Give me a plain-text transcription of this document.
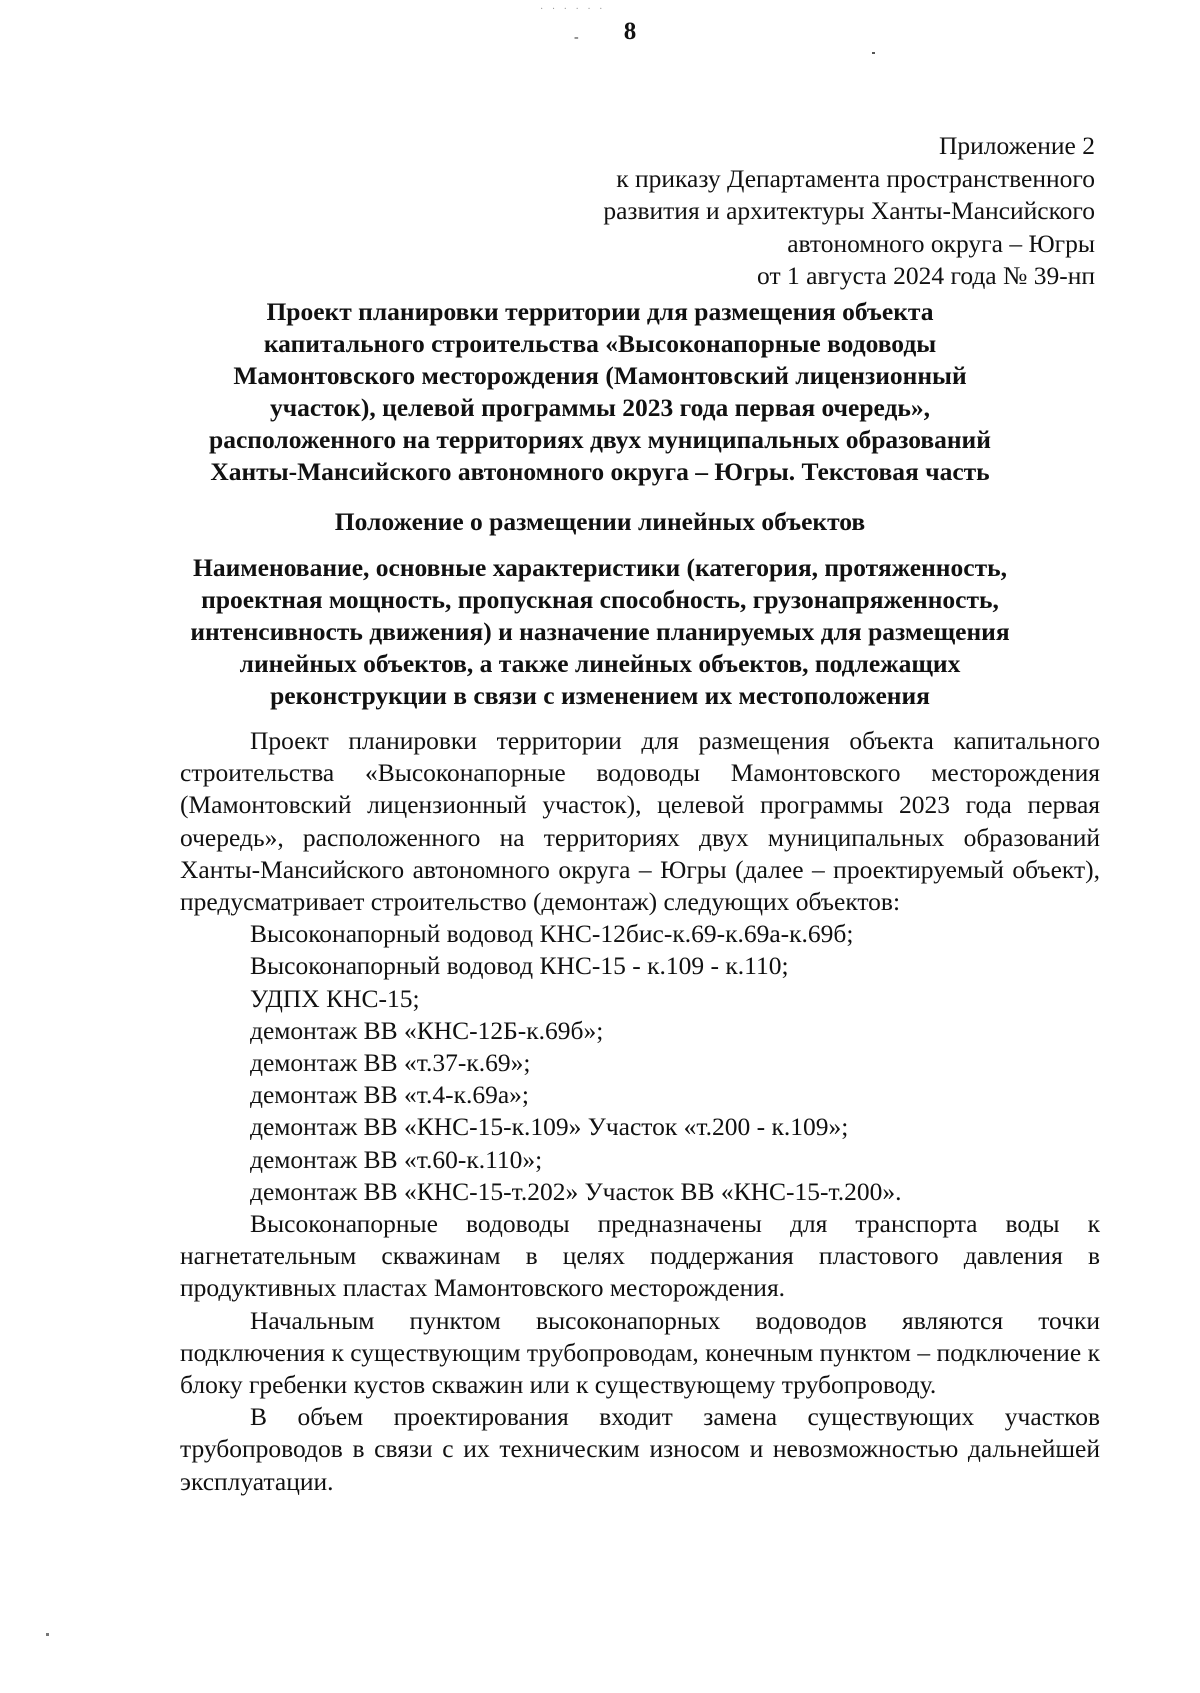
· · · · · ·
-	8
Приложение 2
к приказу Департамента пространственного
развития и архитектуры Ханты-Мансийского
автономного округа – Югры
от 1 августа 2024 года № 39-нп
Проект планировки территории для размещения объекта
капитального строительства «Высоконапорные водоводы
Мамонтовского месторождения (Мамонтовский лицензионный
участок), целевой программы 2023 года первая очередь»,
расположенного на территориях двух муниципальных образований
Ханты-Мансийского автономного округа – Югры. Текстовая часть
Положение о размещении линейных объектов
Наименование, основные характеристики (категория, протяженность,
проектная мощность, пропускная способность, грузонапряженность,
интенсивность движения) и назначение планируемых для размещения
линейных объектов, а также линейных объектов, подлежащих
реконструкции в связи с изменением их местоположения

Проект планировки территории для размещения объекта капитального строительства «Высоконапорные водоводы Мамонтовского месторождения (Мамонтовский лицензионный участок), целевой программы 2023 года первая очередь», расположенного на территориях двух муниципальных образований Ханты-Мансийского автономного округа – Югры (далее – проектируемый объект), предусматривает строительство (демонтаж) следующих объектов:

Высоконапорный водовод КНС-12бис-к.69-к.69а-к.69б;
Высоконапорный водовод КНС-15 - к.109 - к.110;
УДПХ КНС-15;
демонтаж ВВ «КНС-12Б-к.69б»;
демонтаж ВВ «т.37-к.69»;
демонтаж ВВ «т.4-к.69а»;
демонтаж ВВ «КНС-15-к.109» Участок «т.200 - к.109»;
демонтаж ВВ «т.60-к.110»;
демонтаж ВВ «КНС-15-т.202» Участок ВВ «КНС-15-т.200».

Высоконапорные водоводы предназначены для транспорта воды к нагнетательным скважинам в целях поддержания пластового давления в продуктивных пластах Мамонтовского месторождения.

Начальным пунктом высоконапорных водоводов являются точки подключения к существующим трубопроводам, конечным пунктом – подключение к блоку гребенки кустов скважин или к существующему трубопроводу.

В объем проектирования входит замена существующих участков трубопроводов в связи с их техническим износом и невозможностью дальнейшей эксплуатации.
